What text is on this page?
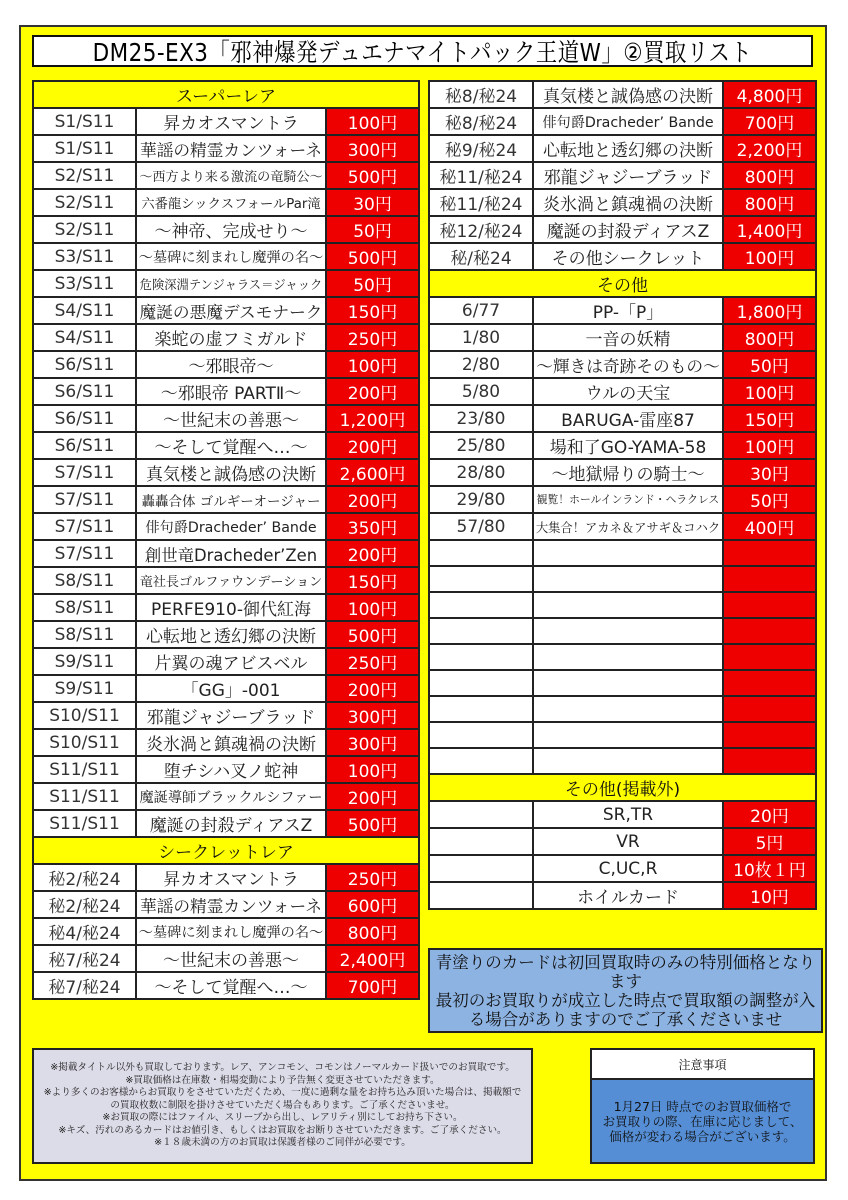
DM25-EX3「邪神爆発デュエナマイトパック王道W」②買取リスト
スーパーレア		
S1/S11	昇カオスマントラ	100円
S1/S11	華謡の精霊カンツォーネ	300円
S2/S11	～西方より来る激流の竜騎公～	500円
S2/S11	六番龍シックスフォールPar滝	30円
S2/S11	～神帝、完成せり～	50円
S3/S11	～墓碑に刻まれし魔弾の名～	500円
S3/S11	危険深淵テンジャラス＝ジャック	50円
S4/S11	魔誕の悪魔デスモナーク	150円
S4/S11	楽蛇の虚フミガルド	250円
S6/S11	～邪眼帝～	100円
S6/S11	～邪眼帝 PARTⅡ～	200円
S6/S11	～世紀末の善悪～	1,200円
S6/S11	～そして覚醒へ…～	200円
S7/S11	真気楼と誠偽感の決断	2,600円
S7/S11	轟轟合体 ゴルギーオージャー	200円
S7/S11	俳句爵Dracheder’ Bande	350円
S7/S11	創世竜Dracheder’Zen	200円
S8/S11	竜社長ゴルファウンデーション	150円
S8/S11	PERFE910-御代紅海	100円
S8/S11	心転地と透幻郷の決断	500円
S9/S11	片翼の魂アビスベル	250円
S9/S11	「GG」-001	200円
S10/S11	邪龍ジャジーブラッド	300円
S10/S11	炎氷渦と鎮魂禍の決断	300円
S11/S11	堕チシハ叉ノ蛇神	100円
S11/S11	魔誕導師ブラックルシファー	200円
S11/S11	魔誕の封殺ディアスZ	500円
シークレットレア		
秘2/秘24	昇カオスマントラ	250円
秘2/秘24	華謡の精霊カンツォーネ	600円
秘4/秘24	～墓碑に刻まれし魔弾の名～	800円
秘7/秘24	～世紀末の善悪～	2,400円
秘7/秘24	～そして覚醒へ…～	700円
秘8/秘24	真気楼と誠偽感の決断	4,800円
秘8/秘24	俳句爵Dracheder’ Bande	700円
秘9/秘24	心転地と透幻郷の決断	2,200円
秘11/秘24	邪龍ジャジーブラッド	800円
秘11/秘24	炎氷渦と鎮魂禍の決断	800円
秘12/秘24	魔誕の封殺ディアスZ	1,400円
秘/秘24	その他シークレット	100円
その他		
6/77	PP-「P」	1,800円
1/80	一音の妖精	800円
2/80	～輝きは奇跡そのもの～	50円
5/80	ウルの天宝	100円
23/80	BARUGA-雷座87	150円
25/80	場和了GO-YAMA-58	100円
28/80	～地獄帰りの騎士～	30円
29/80	観覧！ホールインランド・ヘラクレス	50円
57/80	大集合！アカネ＆アサギ＆コハク	400円

その他(掲載外)		
	SR,TR	20円
	VR	5円
	C,UC,R	10枚１円
	ホイルカード	10円

青塗りのカードは初回買取時のみの特別価格となります

最初のお買取りが成立した時点で買取額の調整が入る場合がありますのでご了承くださいませ

※掲載タイトル以外も買取しております。レア、アンコモン、コモンはノーマルカード扱いでのお買取です。

※買取価格は在庫数・相場変動により予告無く変更させていただきます。

※より多くのお客様からお買取りをさせていただくため、一度に過剰な量をお持ち込み頂いた場合は、掲載額での買取枚数に制限を掛けさせていただく場合もあります。ご了承くださいませ。

※お買取の際にはファイル、スリーブから出し、レアリティ別にしてお持ち下さい。

※キズ、汚れのあるカードはお値引き、もしくはお買取をお断りさせていただきます。ご了承ください。

※１８歳未満の方のお買取は保護者様のご同伴が必要です。

注意事項

1月27日 時点でのお買取価格で

お買取りの際、在庫に応じまして、

価格が変わる場合がございます。
